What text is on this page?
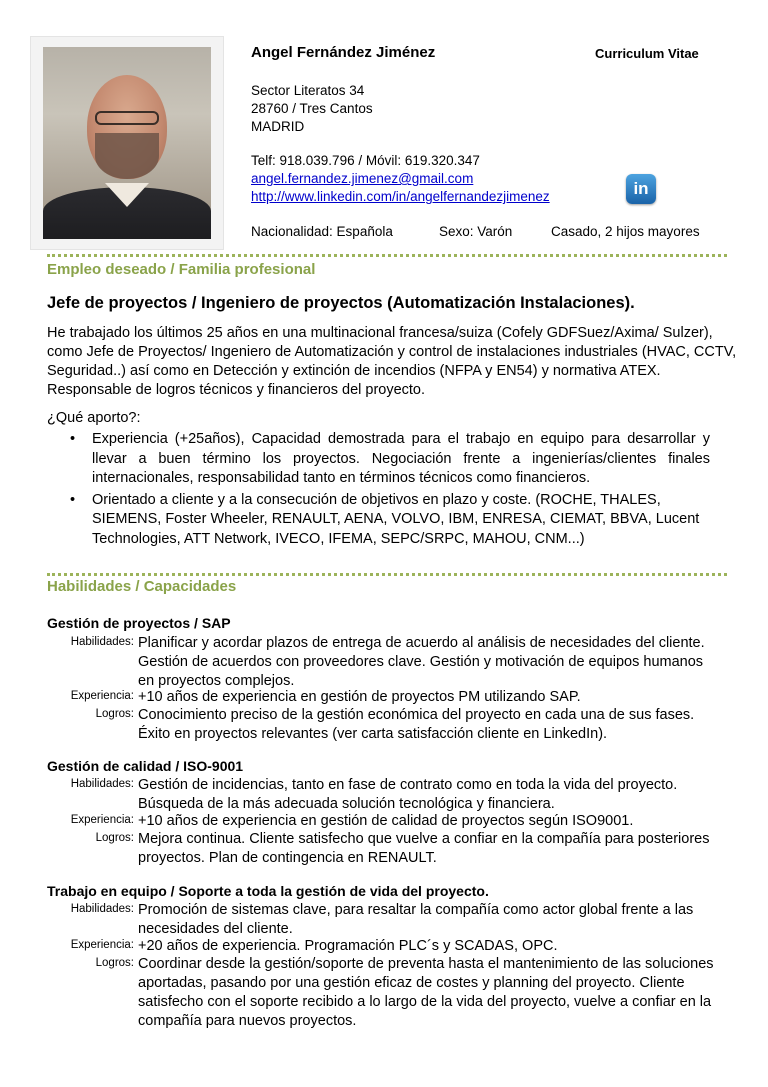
Angel Fernández Jiménez	Curriculum Vitae
Sector Literatos 34
28760 / Tres Cantos
MADRID
Telf: 918.039.796 / Móvil: 619.320.347
angel.fernandez.jimenez@gmail.com
http://www.linkedin.com/in/angelfernandezjimenez	in
Nacionalidad: Española	Sexo: Varón	Casado, 2 hijos mayores
Empleo deseado / Familia profesional
Jefe de proyectos / Ingeniero de proyectos (Automatización Instalaciones).
He trabajado los últimos 25 años en una multinacional francesa/suiza (Cofely GDFSuez/Axima/ Sulzer), como Jefe de Proyectos/ Ingeniero de Automatización y control de instalaciones industriales (HVAC, CCTV, Seguridad..) así como en Detección y extinción de incendios (NFPA y EN54) y normativa ATEX. Responsable de logros técnicos y financieros del proyecto.
¿Qué aporto?:
• Experiencia (+25años), Capacidad demostrada para el trabajo en equipo para desarrollar y llevar a buen término los proyectos. Negociación frente a ingenierías/clientes finales internacionales, responsabilidad tanto en términos técnicos como financieros.
• Orientado a cliente y a la consecución de objetivos en plazo y coste. (ROCHE, THALES, SIEMENS, Foster Wheeler, RENAULT, AENA, VOLVO, IBM, ENRESA, CIEMAT, BBVA, Lucent Technologies, ATT Network, IVECO, IFEMA, SEPC/SRPC, MAHOU, CNM...)
Habilidades / Capacidades
Gestión de proyectos / SAP
Habilidades: Planificar y acordar plazos de entrega de acuerdo al análisis de necesidades del cliente. Gestión de acuerdos con proveedores clave. Gestión y motivación de equipos humanos en proyectos complejos.
Experiencia: +10 años de experiencia en gestión de proyectos PM utilizando SAP.
Logros: Conocimiento preciso de la gestión económica del proyecto en cada una de sus fases. Éxito en proyectos relevantes (ver carta satisfacción cliente en LinkedIn).
Gestión de calidad / ISO-9001
Habilidades: Gestión de incidencias, tanto en fase de contrato como en toda la vida del proyecto. Búsqueda de la más adecuada solución tecnológica y financiera.
Experiencia: +10 años de experiencia en gestión de calidad de proyectos según ISO9001.
Logros: Mejora continua. Cliente satisfecho que vuelve a confiar en la compañía para posteriores proyectos. Plan de contingencia en RENAULT.
Trabajo en equipo / Soporte a toda la gestión de vida del proyecto.
Habilidades: Promoción de sistemas clave, para resaltar la compañía como actor global frente a las necesidades del cliente.
Experiencia: +20 años de experiencia. Programación PLC´s y SCADAS, OPC.
Logros: Coordinar desde la gestión/soporte de preventa hasta el mantenimiento de las soluciones aportadas, pasando por una gestión eficaz de costes y planning del proyecto. Cliente satisfecho con el soporte recibido a lo largo de la vida del proyecto, vuelve a confiar en la compañía para nuevos proyectos.
